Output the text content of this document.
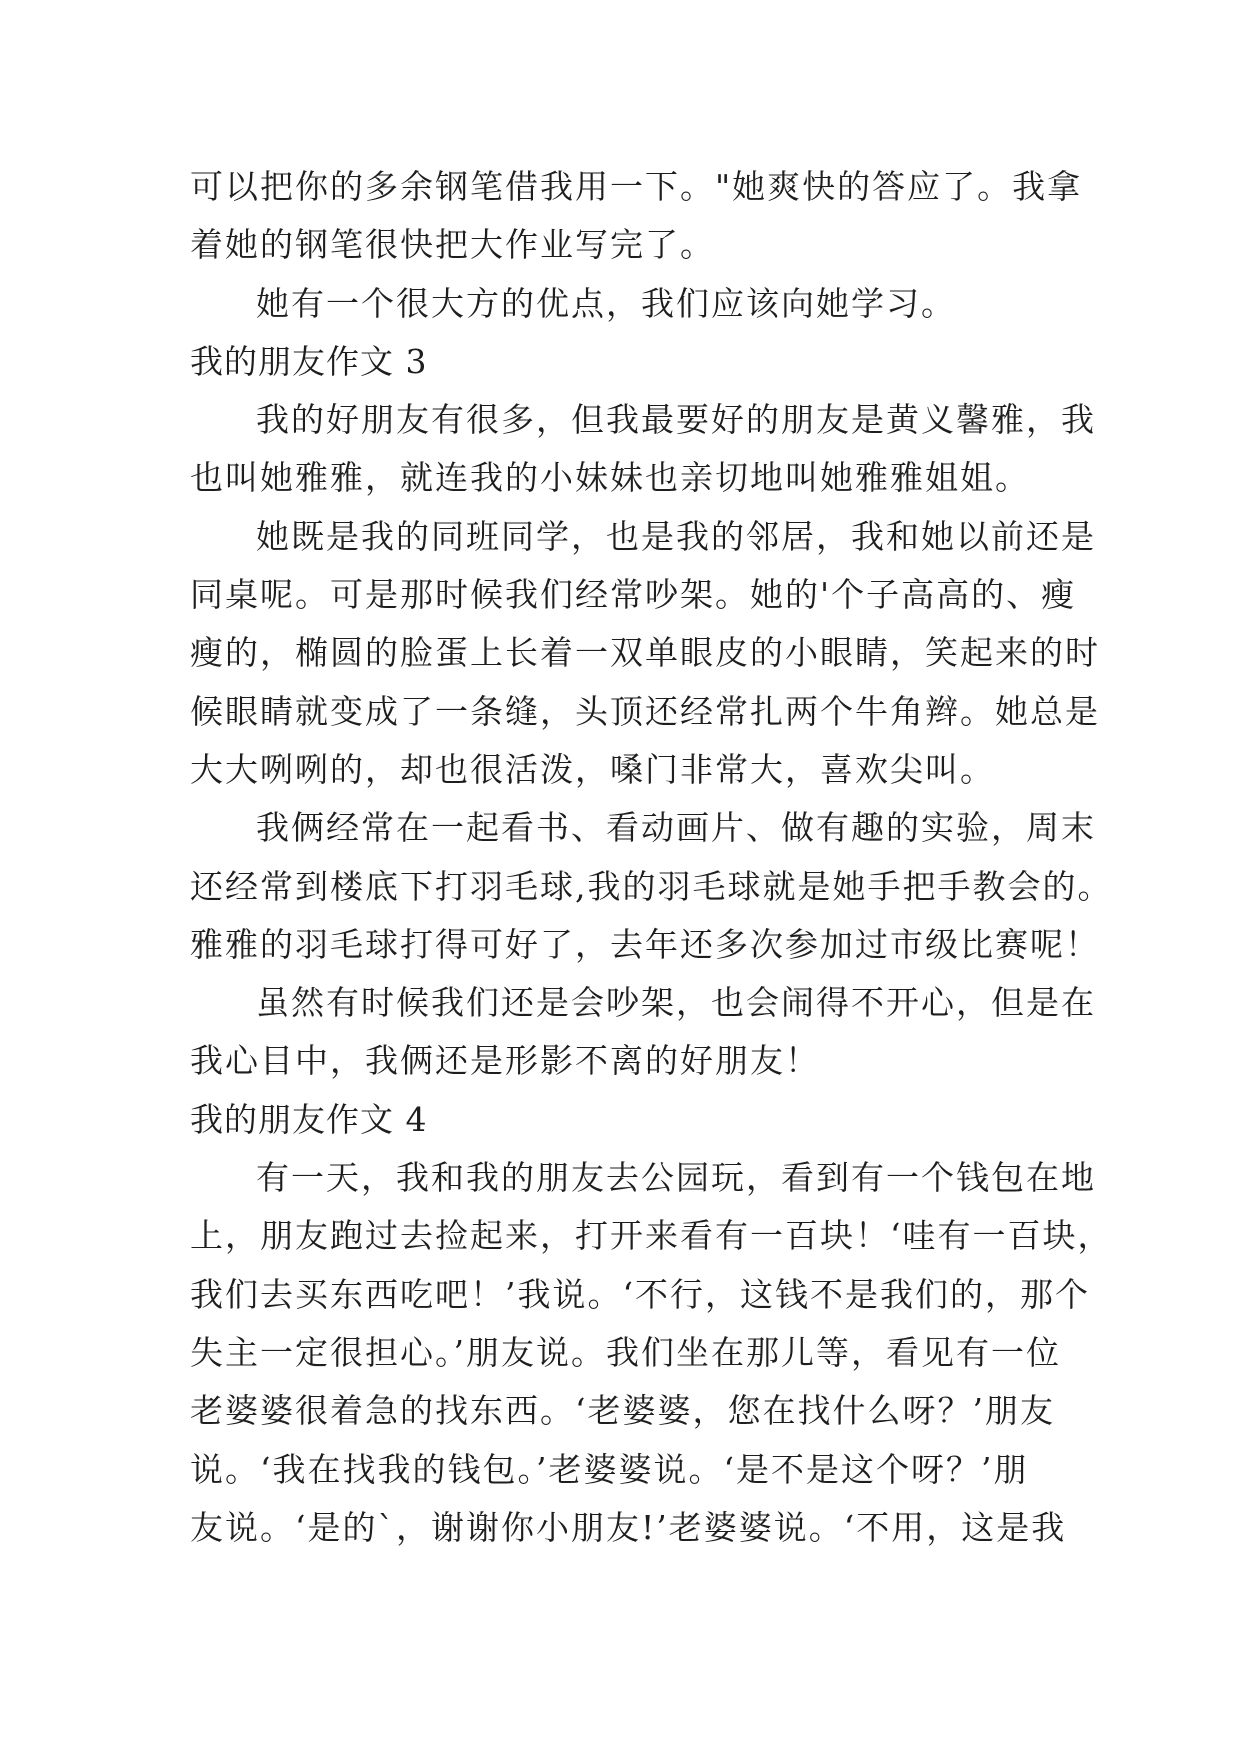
可以把你的多余钢笔借我用一下。"她爽快的答应了。我拿
着她的钢笔很快把大作业写完了。
她有一个很大方的优点，我们应该向她学习。
我的朋友作文 3
我的好朋友有很多，但我最要好的朋友是黄义馨雅，我
也叫她雅雅，就连我的小妹妹也亲切地叫她雅雅姐姐。
她既是我的同班同学，也是我的邻居，我和她以前还是
同桌呢。可是那时候我们经常吵架。她的'个子高高的、瘦
瘦的，椭圆的脸蛋上长着一双单眼皮的小眼睛，笑起来的时
候眼睛就变成了一条缝，头顶还经常扎两个牛角辫。她总是
大大咧咧的，却也很活泼，嗓门非常大，喜欢尖叫。
我俩经常在一起看书、看动画片、做有趣的实验，周末
还经常到楼底下打羽毛球,我的羽毛球就是她手把手教会的。
雅雅的羽毛球打得可好了，去年还多次参加过市级比赛呢！
虽然有时候我们还是会吵架，也会闹得不开心，但是在
我心目中，我俩还是形影不离的好朋友！
我的朋友作文 4
有一天，我和我的朋友去公园玩，看到有一个钱包在地
上，朋友跑过去捡起来，打开来看有一百块！‘哇有一百块，
我们去买东西吃吧！’我说。‘不行，这钱不是我们的，那个
失主一定很担心。’朋友说。我们坐在那儿等，看见有一位
老婆婆很着急的找东西。‘老婆婆，您在找什么呀？’朋友
说。‘我在找我的钱包。’老婆婆说。‘是不是这个呀？’朋
友说。‘是的`，谢谢你小朋友!’老婆婆说。‘不用，这是我
